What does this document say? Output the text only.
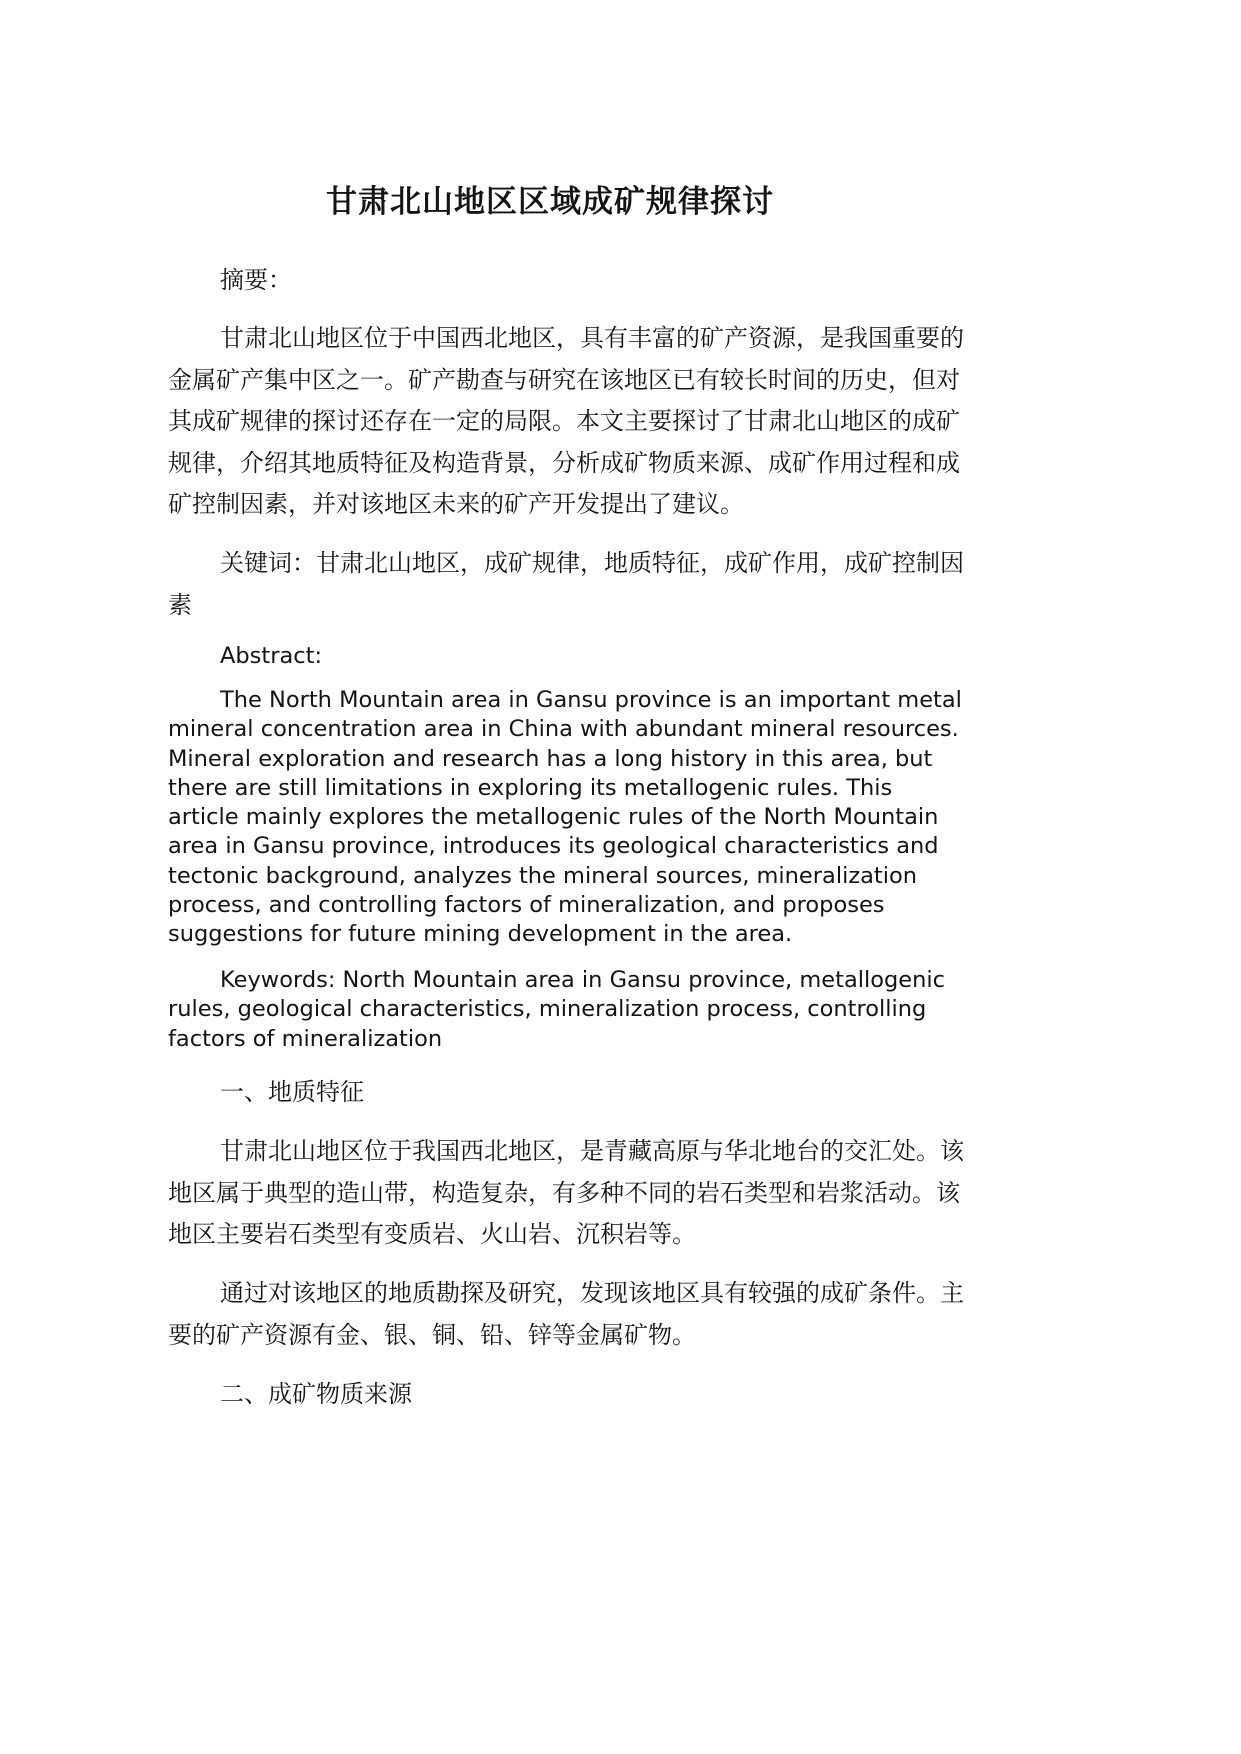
甘肃北山地区区域成矿规律探讨

摘要：

甘肃北山地区位于中国西北地区，具有丰富的矿产资源，是我国重要的金属矿产集中区之一。矿产勘查与研究在该地区已有较长时间的历史，但对其成矿规律的探讨还存在一定的局限。本文主要探讨了甘肃北山地区的成矿规律，介绍其地质特征及构造背景，分析成矿物质来源、成矿作用过程和成矿控制因素，并对该地区未来的矿产开发提出了建议。

关键词：甘肃北山地区，成矿规律，地质特征，成矿作用，成矿控制因素

Abstract:

The North Mountain area in Gansu province is an important metal mineral concentration area in China with abundant mineral resources. Mineral exploration and research has a long history in this area, but there are still limitations in exploring its metallogenic rules. This article mainly explores the metallogenic rules of the North Mountain area in Gansu province, introduces its geological characteristics and tectonic background, analyzes the mineral sources, mineralization process, and controlling factors of mineralization, and proposes suggestions for future mining development in the area.

Keywords: North Mountain area in Gansu province, metallogenic rules, geological characteristics, mineralization process, controlling factors of mineralization

一、地质特征

甘肃北山地区位于我国西北地区，是青藏高原与华北地台的交汇处。该地区属于典型的造山带，构造复杂，有多种不同的岩石类型和岩浆活动。该地区主要岩石类型有变质岩、火山岩、沉积岩等。

通过对该地区的地质勘探及研究，发现该地区具有较强的成矿条件。主要的矿产资源有金、银、铜、铅、锌等金属矿物。

二、成矿物质来源
